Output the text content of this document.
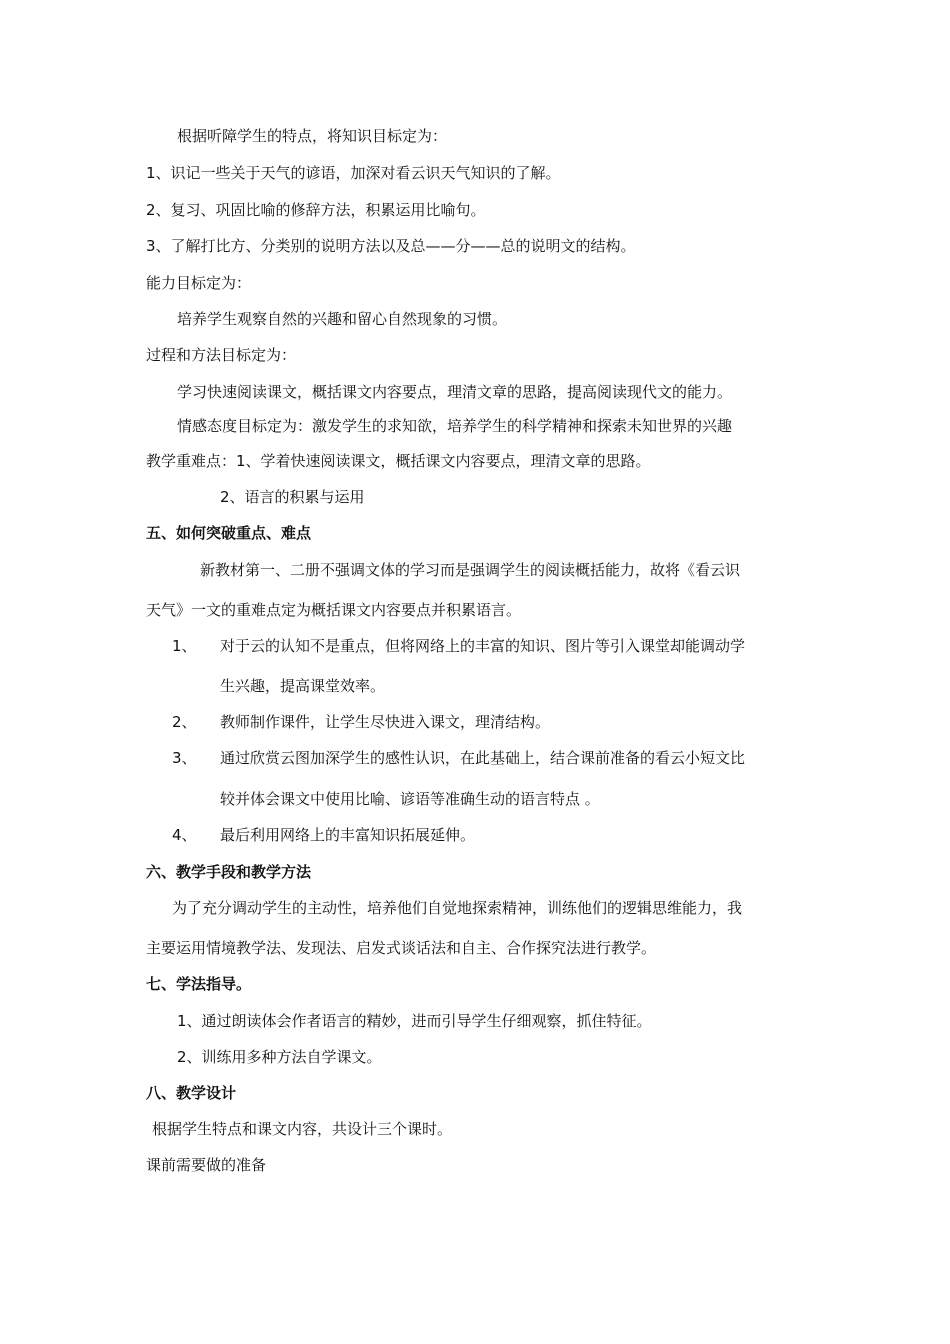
根据听障学生的特点，将知识目标定为：
1、识记一些关于天气的谚语，加深对看云识天气知识的了解。
2、复习、巩固比喻的修辞方法，积累运用比喻句。
3、了解打比方、分类别的说明方法以及总——分——总的说明文的结构。
能力目标定为：
培养学生观察自然的兴趣和留心自然现象的习惯。
过程和方法目标定为：
学习快速阅读课文，概括课文内容要点，理清文章的思路，提高阅读现代文的能力。
情感态度目标定为：激发学生的求知欲，培养学生的科学精神和探索未知世界的兴趣
教学重难点：1、学着快速阅读课文，概括课文内容要点，理清文章的思路。
2、语言的积累与运用
五、如何突破重点、难点
新教材第一、二册不强调文体的学习而是强调学生的阅读概括能力，故将《看云识
天气》一文的重难点定为概括课文内容要点并积累语言。
1、 对于云的认知不是重点，但将网络上的丰富的知识、图片等引入课堂却能调动学
生兴趣，提高课堂效率。
2、 教师制作课件，让学生尽快进入课文，理清结构。
3、 通过欣赏云图加深学生的感性认识，在此基础上，结合课前准备的看云小短文比
较并体会课文中使用比喻、谚语等准确生动的语言特点 。
4、 最后利用网络上的丰富知识拓展延伸。
六、教学手段和教学方法
为了充分调动学生的主动性，培养他们自觉地探索精神，训练他们的逻辑思维能力，我
主要运用情境教学法、发现法、启发式谈话法和自主、合作探究法进行教学。
七、学法指导。
1、通过朗读体会作者语言的精妙，进而引导学生仔细观察，抓住特征。
2、训练用多种方法自学课文。
八、教学设计
根据学生特点和课文内容，共设计三个课时。
课前需要做的准备
